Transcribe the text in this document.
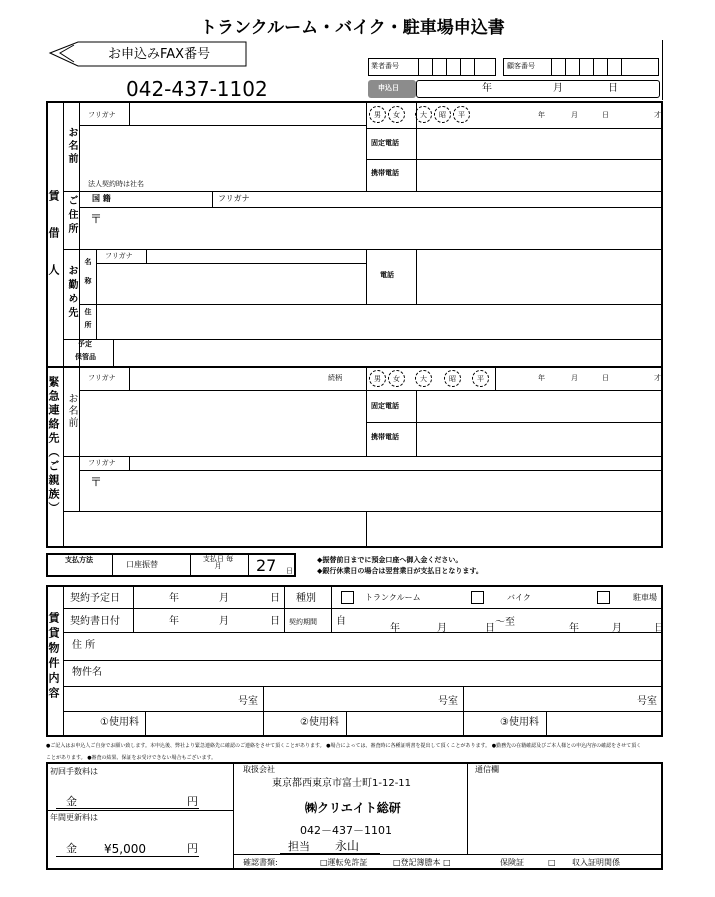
トランクルーム・バイク・駐車場申込書
お申込みFAX番号
042-437-1102
業者番号	顧客番号
申込日	年	月	日
賃借人
フリガナ
お名前
法人契約時は社名
男	女	大	昭	平	年	月	日	才
固定電話
携帯電話
ご住所 国 籍	フリガナ
〒
お勤め先 名称
フリガナ
電話
住所
予定
保管品
緊急連絡先（ご親族）	フリガナ	続柄
お名前
男	女	大	昭	平	年	月	日	才
固定電話
携帯電話
フリガナ
〒
支払方法	口座振替
支払日 毎月	27 日
◆振替前日までに預金口座へ御入金ください。
◆銀行休業日の場合は翌営業日が支払日となります。
賃貸物件内容
契約予定日	年	月	日 種別	トランクルーム	バイク	駐車場
契約書日付	年	月	日 契約期間 自
年	月	日
～ 至
年	月	日
住 所
物件名
号室	号室	号室
①使用料	②使用料	③使用料
●ご記入はお申込人ご自身でお願い致します。本申込後、弊社より緊急連絡先に確認のご連絡をさせて頂くことがあります。 ●場合によっては、審査時に各種証明書を提出して頂くことがあります。 ●勤務先の在籍確認及びご本人様との申込内容の確認をさせて頂くことがあります。 ●審査の結果、保証をお受けできない場合もございます。
初回手数料は
金	円
年間更新料は
金 ¥5,000	円
取扱会社
東京都西東京市富士町1-12-11
㈱クリエイト総研
042－437－1101
担当 永山
通信欄
確認書類:	□運転免許証	□登記簿謄本 □	保険証	□ 収入証明関係
